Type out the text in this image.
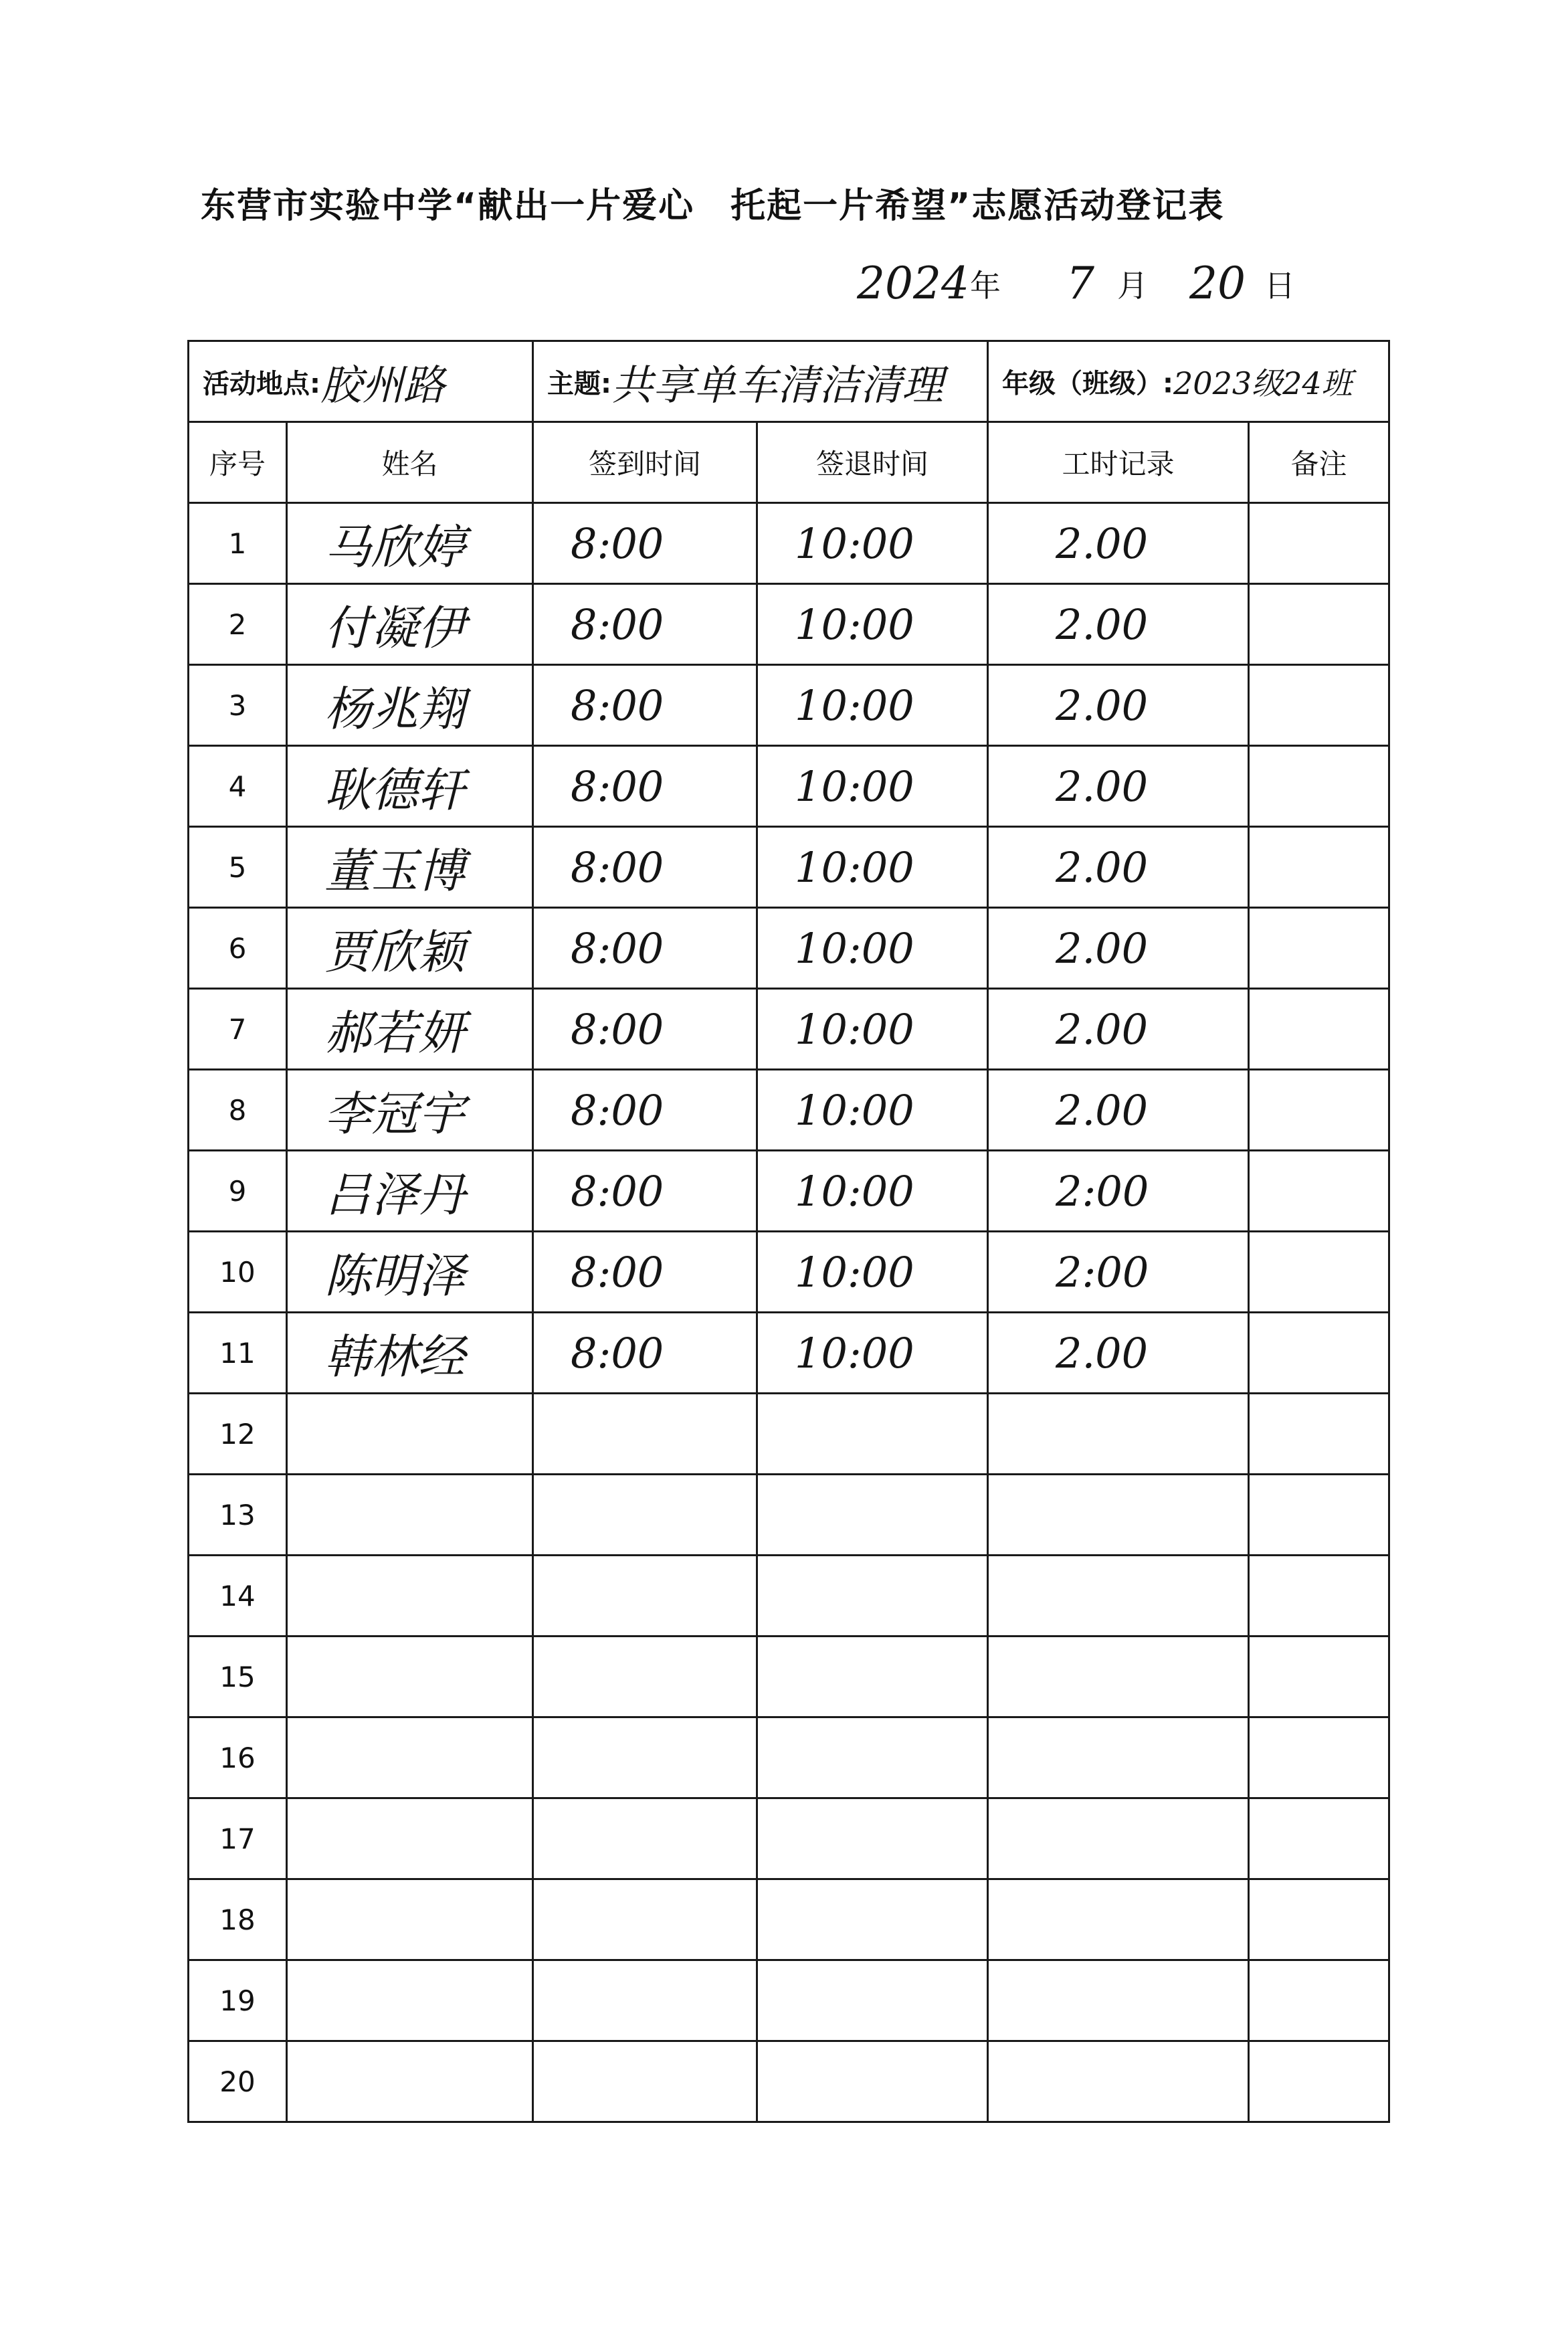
东营市实验中学“献出一片爱心　托起一片希望”志愿活动登记表
2024年 7 月 20 日
活动地点:胶州路		主题:共享单车清洁清理		年级（班级）:2023级24班	
序号	姓名	签到时间	签退时间	工时记录	备注
1	马欣婷	8:00	10:00	2.00	
2	付凝伊	8:00	10:00	2.00	
3	杨兆翔	8:00	10:00	2.00	
4	耿德轩	8:00	10:00	2.00	
5	董玉博	8:00	10:00	2.00	
6	贾欣颖	8:00	10:00	2.00	
7	郝若妍	8:00	10:00	2.00	
8	李冠宇	8:00	10:00	2.00	
9	吕泽丹	8:00	10:00	2:00	
10	陈明泽	8:00	10:00	2:00	
11	韩林经	8:00	10:00	2.00	
12					
13					
14					
15					
16					
17					
18					
19					
20					
